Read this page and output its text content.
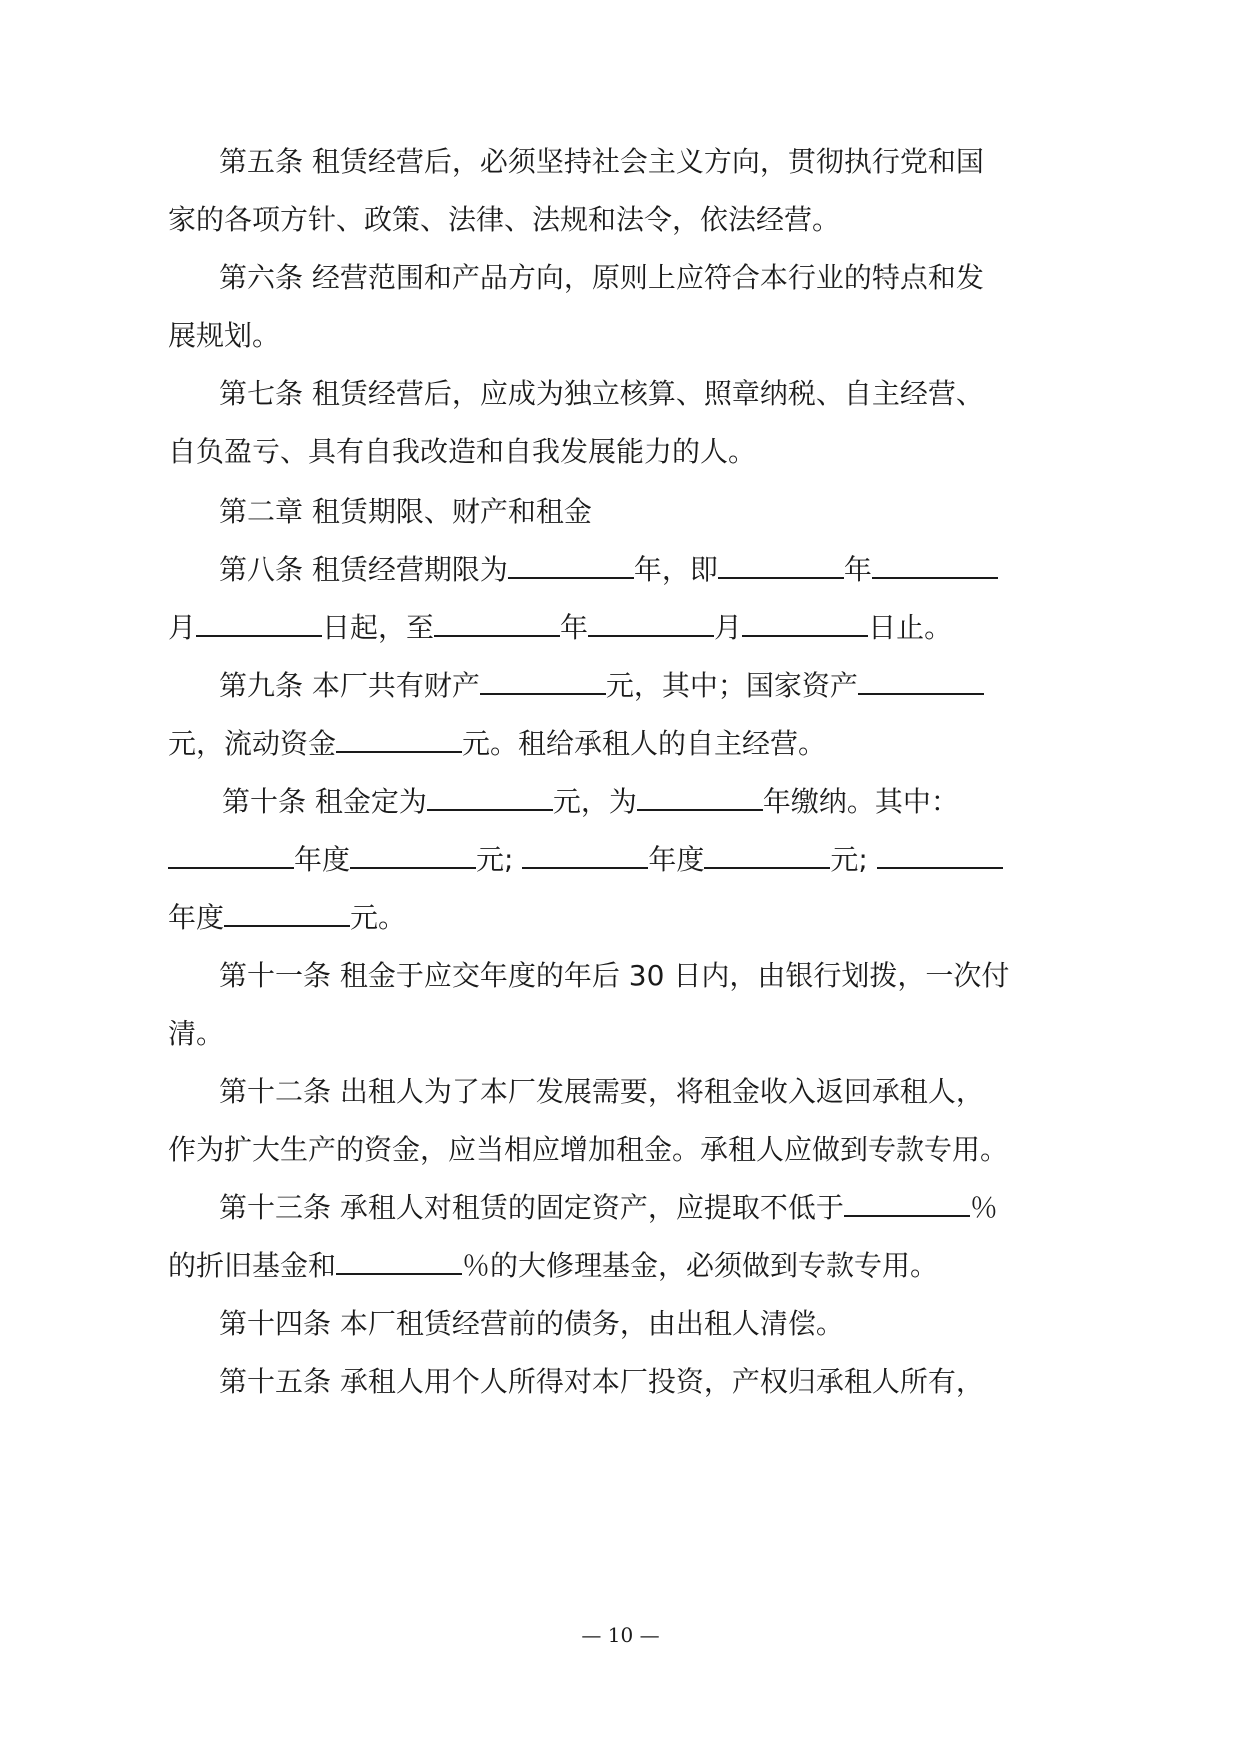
第五条 租赁经营后，必须坚持社会主义方向，贯彻执行党和国
家的各项方针、政策、法律、法规和法令，依法经营。
第六条 经营范围和产品方向，原则上应符合本行业的特点和发
展规划。
第七条 租赁经营后，应成为独立核算、照章纳税、自主经营、
自负盈亏、具有自我改造和自我发展能力的人。
第二章 租赁期限、财产和租金
第八条 租赁经营期限为	年，即	年
月	日起，至	年	月	日止。
第九条 本厂共有财产	元，其中；国家资产
元，流动资金	元。租给承租人的自主经营。
第十条 租金定为	元，为	年缴纳。其中：
年度	元;	年度	元;
年度	元。
第十一条 租金于应交年度的年后 30 日内，由银行划拨，一次付
清。
第十二条 出租人为了本厂发展需要，将租金收入返回承租人，
作为扩大生产的资金，应当相应增加租金。承租人应做到专款专用。
第十三条 承租人对租赁的固定资产，应提取不低于	％
的折旧基金和	％的大修理基金，必须做到专款专用。
第十四条 本厂租赁经营前的债务，由出租人清偿。
第十五条 承租人用个人所得对本厂投资，产权归承租人所有，
— 10 —
